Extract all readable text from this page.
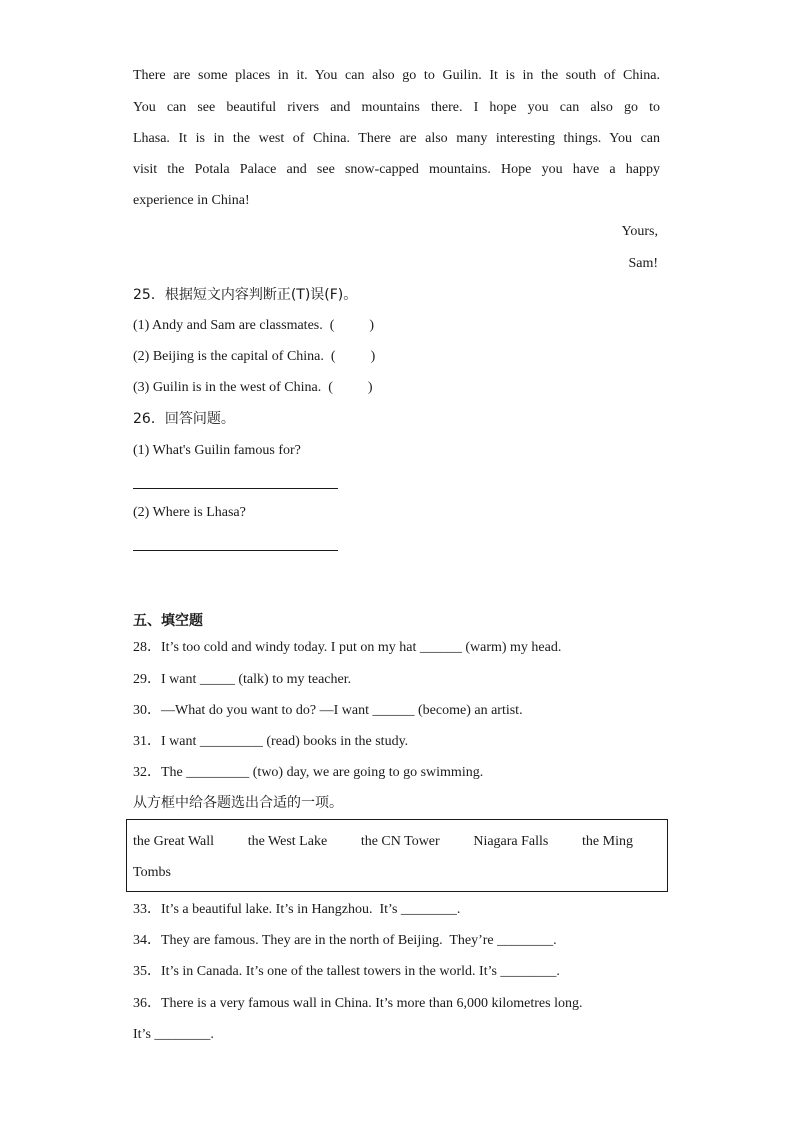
There are some places in it. You can also go to Guilin. It is in the south of China.
You can see beautiful rivers and mountains there. I hope you can also go to
Lhasa. It is in the west of China. There are also many interesting things. You can
visit the Potala Palace and see snow-capped mountains. Hope you have a happy
experience in China!
Yours,
Sam!
25．根据短文内容判断正(T)误(F)。
(1) Andy and Sam are classmates.  (          )
(2) Beijing is the capital of China.  (          )
(3) Guilin is in the west of China.  (          )
26．回答问题。
(1) What's Guilin famous for?
(2) Where is Lhasa?
五、填空题
28．It’s too cold and windy today. I put on my hat ______ (warm) my head.
29．I want _____ (talk) to my teacher.
30．—What do you want to do? —I want ______ (become) an artist.
31．I want _________ (read) books in the study.
32．The _________ (two) day, we are going to go swimming.
从方框中给各题选出合适的一项。
the Great Wall the West Lake the CN Tower Niagara Falls the Ming
Tombs
33．It’s a beautiful lake. It’s in Hangzhou.  It’s ________.
34．They are famous. They are in the north of Beijing.  They’re ________.
35．It’s in Canada. It’s one of the tallest towers in the world. It’s ________.
36．There is a very famous wall in China. It’s more than 6,000 kilometres long.
It’s ________.
